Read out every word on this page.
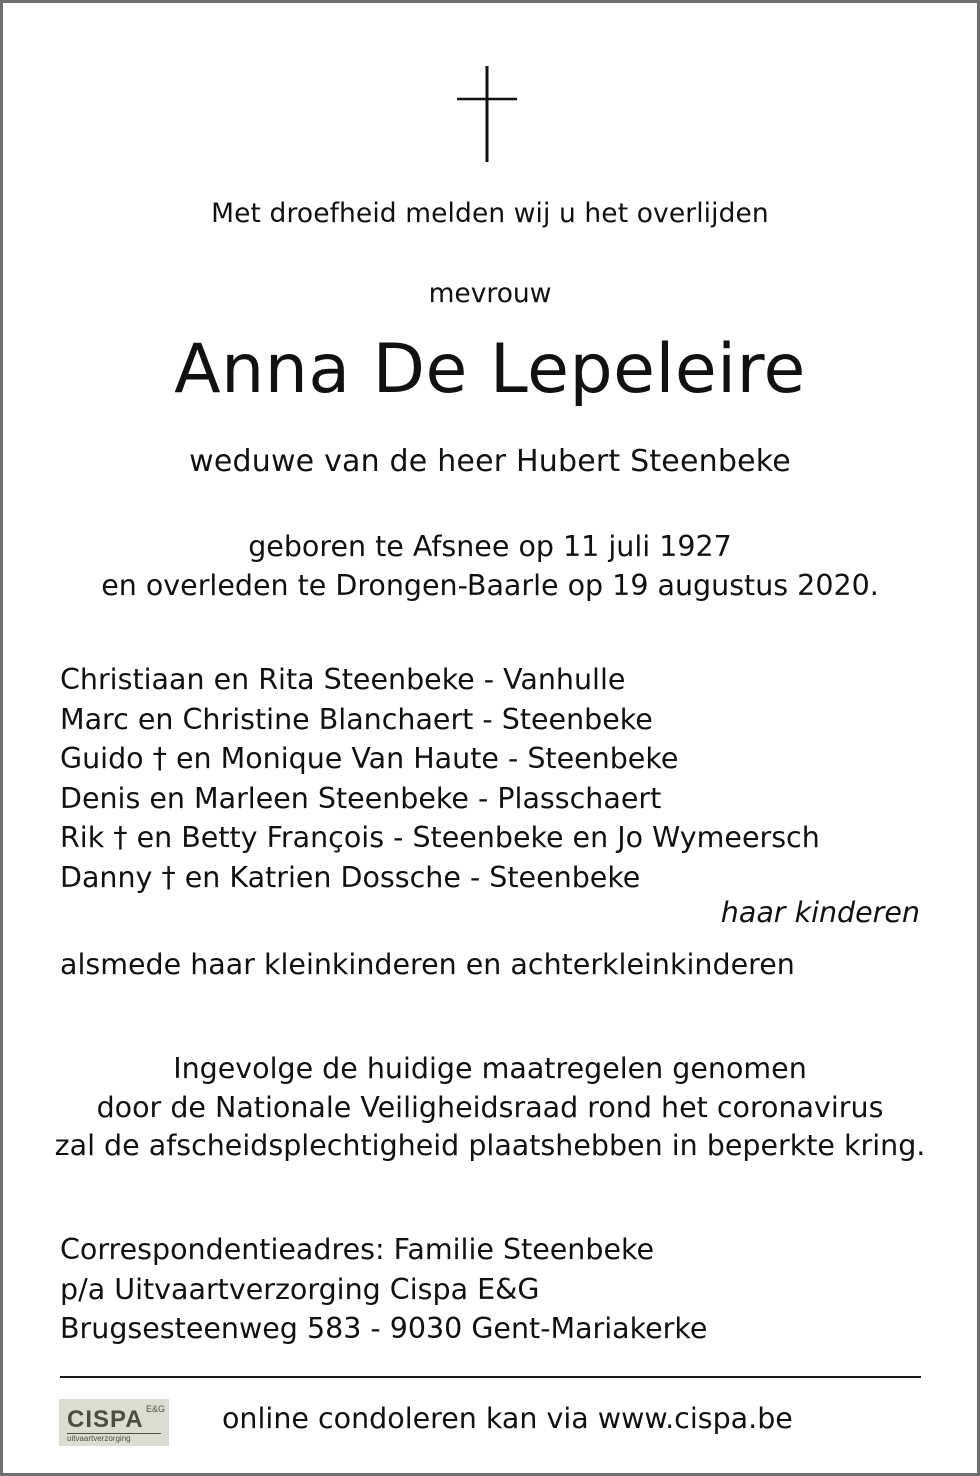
Met droefheid melden wij u het overlijden
mevrouw
Anna De Lepeleire
weduwe van de heer Hubert Steenbeke
geboren te Afsnee op 11 juli 1927
en overleden te Drongen-Baarle op 19 augustus 2020.
Christiaan en Rita Steenbeke - Vanhulle
Marc en Christine Blanchaert - Steenbeke
Guido † en Monique Van Haute - Steenbeke
Denis en Marleen Steenbeke - Plasschaert
Rik † en Betty François - Steenbeke en Jo Wymeersch
Danny † en Katrien Dossche - Steenbeke
haar kinderen
alsmede haar kleinkinderen en achterkleinkinderen
Ingevolge de huidige maatregelen genomen
door de Nationale Veiligheidsraad rond het coronavirus
zal de afscheidsplechtigheid plaatshebben in beperkte kring.
Correspondentieadres: Familie Steenbeke
p/a Uitvaartverzorging Cispa E&G
Brugsesteenweg 583 - 9030 Gent-Mariakerke
CISPA E&G
uitvaartverzorging
online condoleren kan via www.cispa.be
